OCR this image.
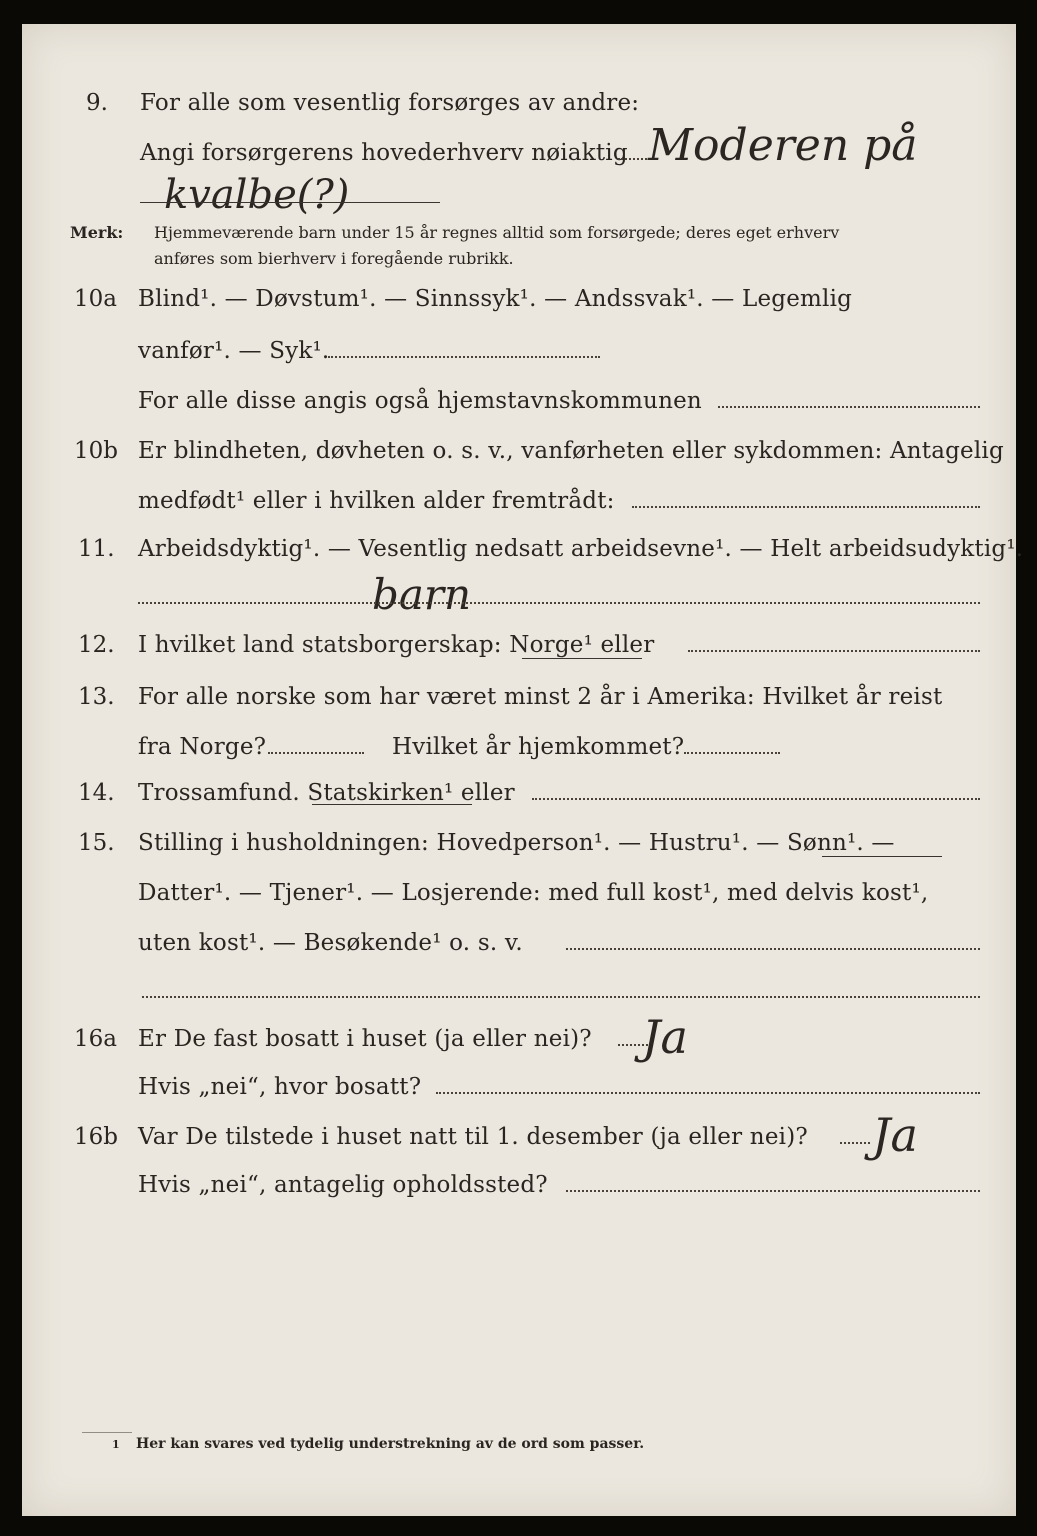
9. For alle som vesentlig forsørges av andre:
Angi forsørgerens hovederhverv nøiaktig Moderen på
kvalbe(?)
Merk: Hjemmeværende barn under 15 år regnes alltid som forsørgede; deres eget erhverv
anføres som bierhverv i foregående rubrikk.
10a Blind¹. — Døvstum¹. — Sinnssyk¹. — Andssvak¹. — Legemlig
vanfør¹. — Syk¹.
For alle disse angis også hjemstavnskommunen
10b Er blindheten, døvheten o. s. v., vanførheten eller sykdommen: Antagelig
medfødt¹ eller i hvilken alder fremtrådt:
11. Arbeidsdyktig¹. — Vesentlig nedsatt arbeidsevne¹. — Helt arbeidsudyktig¹.
barn
12. I hvilket land statsborgerskap: Norge¹ eller
13. For alle norske som har været minst 2 år i Amerika: Hvilket år reist
fra Norge?	Hvilket år hjemkommet?
14. Trossamfund. Statskirken¹ eller
15. Stilling i husholdningen: Hovedperson¹. — Hustru¹. — Sønn¹. —
Datter¹. — Tjener¹. — Losjerende: med full kost¹, med delvis kost¹,
uten kost¹. — Besøkende¹ o. s. v.
16a Er De fast bosatt i huset (ja eller nei)? Ja
Hvis „nei“, hvor bosatt?
16b Var De tilstede i huset natt til 1. desember (ja eller nei)? Ja
Hvis „nei“, antagelig opholdssted?
1 Her kan svares ved tydelig understrekning av de ord som passer.
